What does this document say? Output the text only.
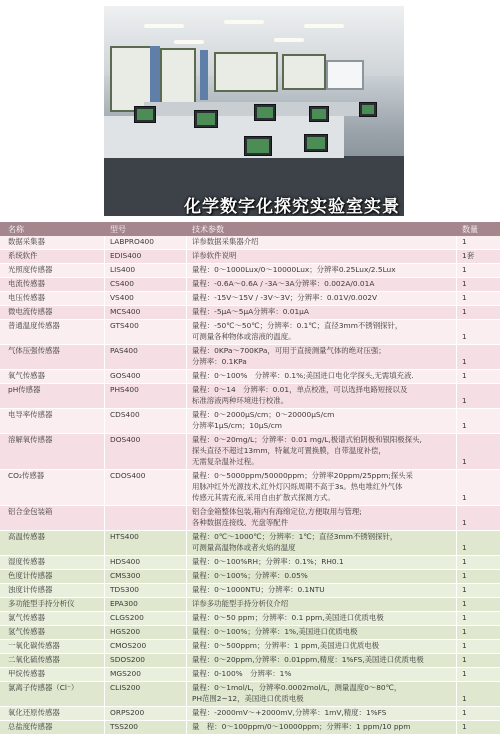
化学数字化探究实验室实景
名称	型号	技术参数	数量
数据采集器	LABPRO400	详参数据采集器介绍	1
系统软件	EDIS400	详参软件说明	1套
光照度传感器	LIS400	量程：0～1000Lux/0～10000Lux；分辨率0.25Lux/2.5Lux	1
电流传感器	CS400	量程：-0.6A～0.6A / -3A～3A分辨率：0.002A/0.01A	1
电压传感器	VS400	量程：-15V～15V / -3V～3V；分辨率：0.01V/0.002V	1
微电流传感器	MCS400	量程：-5μA～5μA分辨率：0.01μA	1
普通温度传感器	GTS400	量程：-50℃～50℃；分辨率：0.1℃；直径3mm不锈钢探针，
可测量各种物体或溶液的温度。	1
气体压强传感器	PAS400	量程：0KPa～700KPa，可用于直接测量气体的绝对压强；
分辨率：0.1KPa	1
氧气传感器	GOS400	量程：0～100%　分辨率：0.1%;美国进口电化学探头,无需填充液.	1
pH传感器	PHS400	量程：0～14　分辨率：0.01，单点校准，可以选择电路短接以及
标准溶液两种环境进行校准。	1
电导率传感器	CDS400	量程：0～2000μS/cm；0～20000μS/cm
分辨率1μS/cm；10μS/cm	1
溶解氧传感器	DOS400	量程：0～20mg/L；分辨率：0.01 mg/L,极谱式铂阴极和银阳极探头,
探头直径不超过13mm，特氟龙可置换膜，自带温度补偿，
无需复杂温补过程。	1
CO₂传感器	CDOS400	量程：0～5000ppm/50000ppm；分辨率20ppm/25ppm;探头采
用脉冲红外光源技术,红外灯闪烁周期不高于3s。热电堆红外气体
传感元其需充液,采用自由扩散式探测方式。	1
铝合金包装箱	铝合金箱整体包装,箱内有海绵定位,方便取用与管理;
各种数据连接线、光盘等配件	1
高温传感器	HTS400	量程：0℃～1000℃；分辨率：1℃；直径3mm不锈钢探针，
可测量高温物体或者火焰的温度	1
湿度传感器	HDS400	量程：0～100%RH；分辨率：0.1%；RH0.1	1
色度计传感器	CMS300	量程：0～100%；分辨率：0.05%	1
浊度计传感器	TDS300	量程：0～1000NTU；分辨率：0.1NTU	1
多功能型手持分析仪	EPA300	详参多功能型手持分析仪介绍	1
氯气传感器	CLGS200	量程：0～50 ppm；分辨率：0.1 ppm,美国进口优质电极	1
氢气传感器	HGS200	量程：0～100%；分辨率：1%,美国进口优质电极	1
一氧化碳传感器	CMOS200	量程：0～500ppm；分辨率：1 ppm,美国进口优质电极	1
二氧化硫传感器	SDOS200	量程：0～20ppm,分辨率：0.01ppm,精度：1%FS,美国进口优质电极	1
甲烷传感器	MGS200	量程：0-100%　分辨率：1%	1
氯离子传感器（Cl⁻）	CLIS200	量程：0～1mol/L，分辨率0.0002mol/L，测量温度0～80℃，
PH范围2~12，美国进口优质电极	1
氧化还原传感器	ORPS200	量程：-2000mV～+2000mV,分辨率：1mV,精度：1%FS	1
总盐度传感器	TSS200	量　程：0～100ppm/0～10000ppm；分辨率：1 ppm/10 ppm	1
